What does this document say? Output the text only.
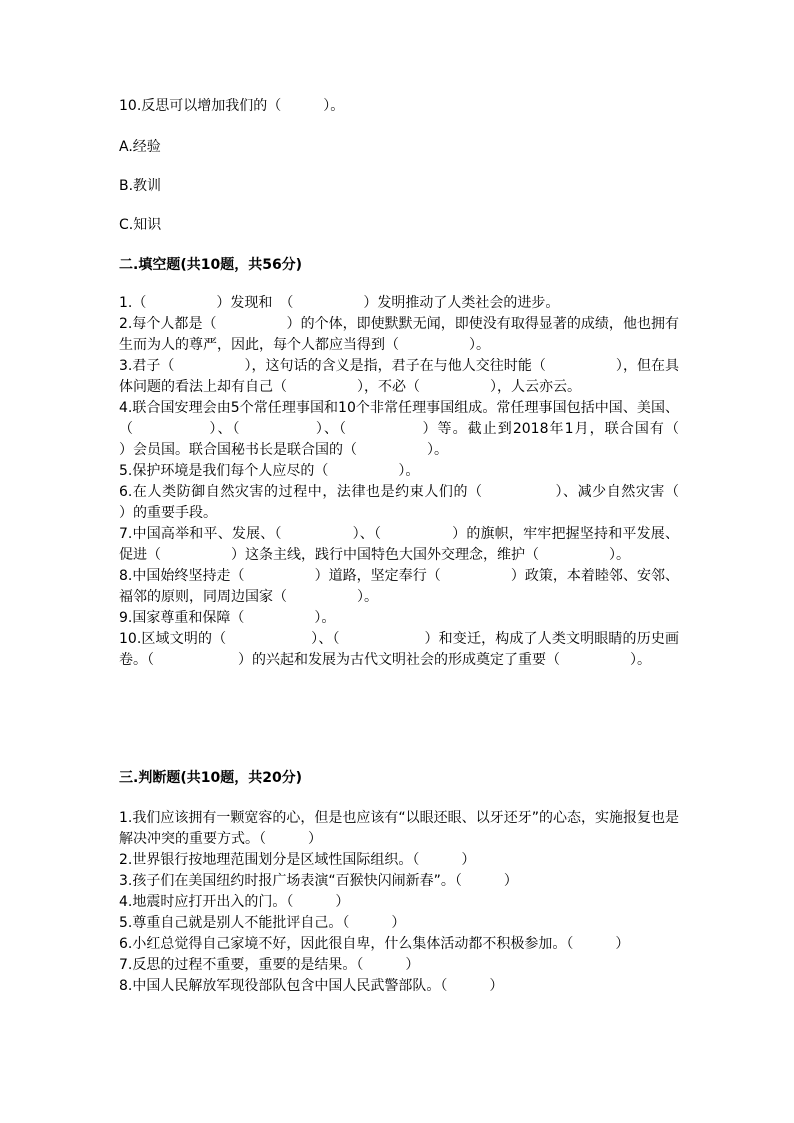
10.反思可以增加我们的（　　　）。
A.经验
B.教训
C.知识
二.填空题(共10题，共56分)
1.（　　　　　）发现和　（　　　　　）发明推动了人类社会的进步。
2.每个人都是（　　　　　）的个体，即使默默无闻，即使没有取得显著的成绩，他也拥有生而为人的尊严，因此，每个人都应当得到（　　　　　）。
3.君子（　　　　　），这句话的含义是指，君子在与他人交往时能（　　　　　），但在具体问题的看法上却有自己（　　　　　），不必（　　　　　），人云亦云。
4.联合国安理会由5个常任理事国和10个非常任理事国组成。常任理事国包括中国、美国、（　　　　　）、（　　　　　）、（　　　　　）等。截止到2018年1月，联合国有（　　　　　）会员国。联合国秘书长是联合国的（　　　　　）。
5.保护环境是我们每个人应尽的（　　　　　）。
6.在人类防御自然灾害的过程中，法律也是约束人们的（　　　　　）、减少自然灾害（　　　　　）的重要手段。
7.中国高举和平、发展、（　　　　　）、（　　　　　）的旗帜，牢牢把握坚持和平发展、促进（　　　　　）这条主线，践行中国特色大国外交理念，维护（　　　　　）。
8.中国始终坚持走（　　　　　）道路，坚定奉行（　　　　　）政策，本着睦邻、安邻、福邻的原则，同周边国家（　　　　　）。
9.国家尊重和保障（　　　　　）。
10.区域文明的（　　　　　　）、（　　　　　　）和变迁，构成了人类文明眼睛的历史画卷。（　　　　　　）的兴起和发展为古代文明社会的形成奠定了重要（　　　　　）。
三.判断题(共10题，共20分)
1.我们应该拥有一颗宽容的心，但是也应该有“以眼还眼、以牙还牙”的心态，实施报复也是解决冲突的重要方式。（　　　）
2.世界银行按地理范围划分是区域性国际组织。（　　　）
3.孩子们在美国纽约时报广场表演“百猴快闪闹新春”。（　　　）
4.地震时应打开出入的门。（　　　）
5.尊重自己就是别人不能批评自己。（　　　）
6.小红总觉得自己家境不好，因此很自卑，什么集体活动都不积极参加。（　　　）
7.反思的过程不重要，重要的是结果。（　　　）
8.中国人民解放军现役部队包含中国人民武警部队。（　　　）
